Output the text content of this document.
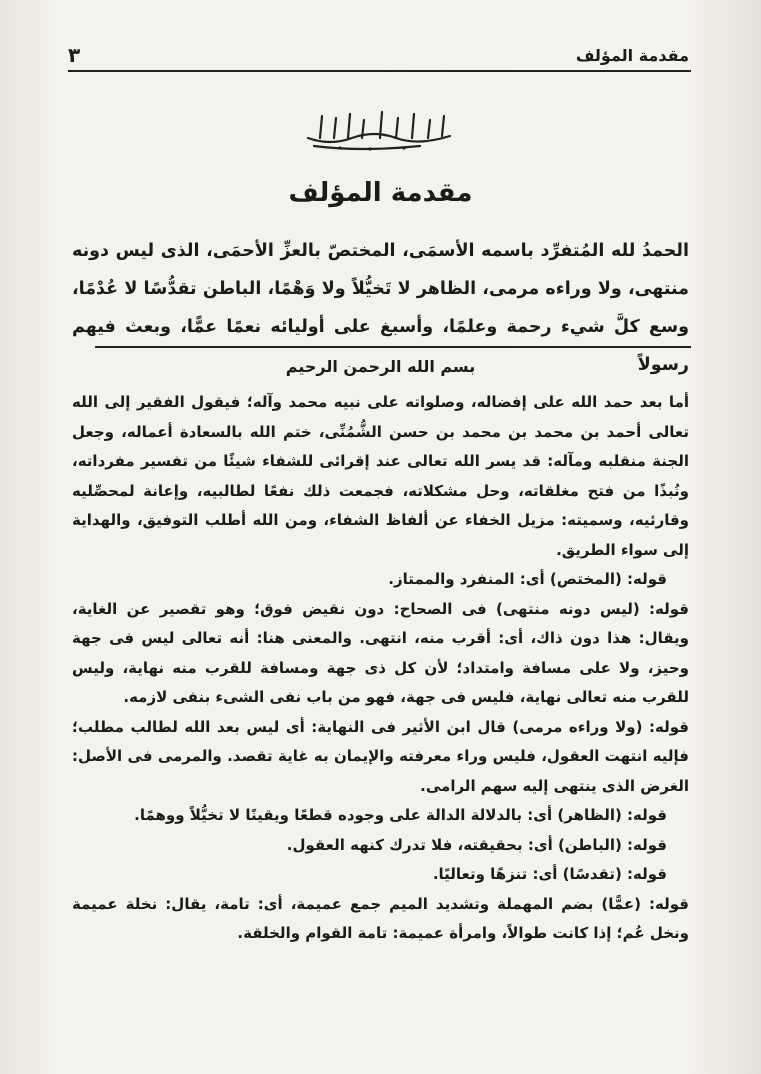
٣	مقدمة المؤلف
مقدمة المؤلف
الحمدُ لله المُتفرِّد باسمه الأسمَى، المختصّ بالعزِّ الأحمَى، الذى ليس دونه منتهى، ولا وراءه مرمى، الظاهر لا تَخيُّلاً ولا وَهْمًا، الباطن تقدُّسًا لا عُدْمًا، وسع كلَّ شيء رحمة وعلمًا، وأسبغ على أوليائه نعمًا عمًّا، وبعث فيهم رسولاً
بسم الله الرحمن الرحيم

أما بعد حمد الله على إفضاله، وصلواته على نبيه محمد وآله؛ فيقول الفقير إلى الله تعالى أحمد بن محمد بن محمد بن حسن الشُّمُنِّى، ختم الله بالسعادة أعماله، وجعل الجنة منقلبه ومآله: قد يسر الله تعالى عند إقرائى للشفاء شيئًا من تفسير مفرداته، ونُبذًا من فتح مغلقاته، وحل مشكلاته، فجمعت ذلك نفعًا لطالبيه، وإعانة لمحصِّليه وقارئيه، وسميته: مزيل الخفاء عن ألفاظ الشفاء، ومن الله أطلب التوفيق، والهداية إلى سواء الطريق.

قوله: (المختص) أى: المنفرد والممتاز.

قوله: (ليس دونه منتهى) فى الصحاح: دون نقيض فوق؛ وهو تقصير عن الغاية، ويقال: هذا دون ذاك، أى: أقرب منه، انتهى. والمعنى هنا: أنه تعالى ليس فى جهة وحيز، ولا على مسافة وامتداد؛ لأن كل ذى جهة ومسافة للقرب منه نهاية، وليس للقرب منه تعالى نهاية، فليس فى جهة، فهو من باب نفى الشىء بنفى لازمه.

قوله: (ولا وراءه مرمى) قال ابن الأثير فى النهاية: أى ليس بعد الله لطالب مطلب؛ فإليه انتهت العقول، فليس وراء معرفته والإيمان به غاية تقصد. والمرمى فى الأصل: الغرض الذى ينتهى إليه سهم الرامى.

قوله: (الظاهر) أى: بالدلالة الدالة على وجوده قطعًا ويقينًا لا تخيُّلاً ووهمًا.

قوله: (الباطن) أى: بحقيقته، فلا تدرك كنهه العقول.

قوله: (تقدسًا) أى: تنزهًا وتعاليًا.

قوله: (عمًّا) بضم المهملة وتشديد الميم جمع عميمة، أى: تامة، يقال: نخلة عميمة ونخل عُم؛ إذا كانت طوالاً، وامرأة عميمة: تامة القوام والخلقة.
